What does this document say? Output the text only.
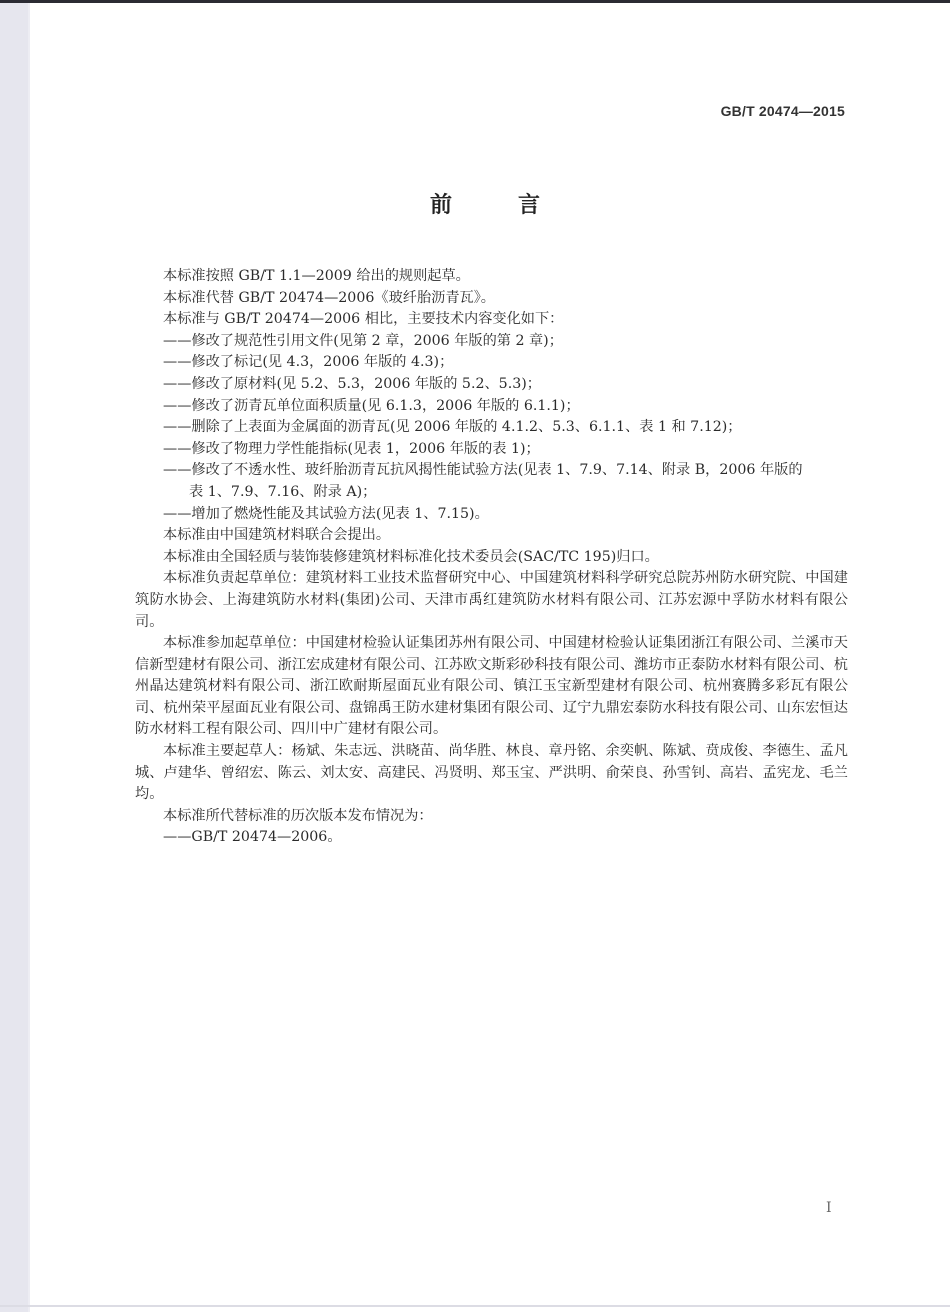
GB/T 20474—2015
前	言

本标准按照 GB/T 1.1—2009 给出的规则起草。

本标准代替 GB/T 20474—2006《玻纤胎沥青瓦》。

本标准与 GB/T 20474—2006 相比，主要技术内容变化如下：

——修改了规范性引用文件(见第 2 章，2006 年版的第 2 章)；

——修改了标记(见 4.3，2006 年版的 4.3)；

——修改了原材料(见 5.2、5.3，2006 年版的 5.2、5.3)；

——修改了沥青瓦单位面积质量(见 6.1.3，2006 年版的 6.1.1)；

——删除了上表面为金属面的沥青瓦(见 2006 年版的 4.1.2、5.3、6.1.1、表 1 和 7.12)；

——修改了物理力学性能指标(见表 1，2006 年版的表 1)；

——修改了不透水性、玻纤胎沥青瓦抗风揭性能试验方法(见表 1、7.9、7.14、附录 B，2006 年版的

表 1、7.9、7.16、附录 A)；

——增加了燃烧性能及其试验方法(见表 1、7.15)。

本标准由中国建筑材料联合会提出。

本标准由全国轻质与装饰装修建筑材料标准化技术委员会(SAC/TC 195)归口。

本标准负责起草单位：建筑材料工业技术监督研究中心、中国建筑材料科学研究总院苏州防水研究院、中国建筑防水协会、上海建筑防水材料(集团)公司、天津市禹红建筑防水材料有限公司、江苏宏源中孚防水材料有限公司。

本标准参加起草单位：中国建材检验认证集团苏州有限公司、中国建材检验认证集团浙江有限公司、兰溪市天信新型建材有限公司、浙江宏成建材有限公司、江苏欧文斯彩砂科技有限公司、潍坊市正泰防水材料有限公司、杭州晶达建筑材料有限公司、浙江欧耐斯屋面瓦业有限公司、镇江玉宝新型建材有限公司、杭州赛腾多彩瓦有限公司、杭州荣平屋面瓦业有限公司、盘锦禹王防水建材集团有限公司、辽宁九鼎宏泰防水科技有限公司、山东宏恒达防水材料工程有限公司、四川中广建材有限公司。

本标准主要起草人：杨斌、朱志远、洪晓苗、尚华胜、林良、章丹铭、余奕帆、陈斌、贲成俊、李德生、孟凡城、卢建华、曾绍宏、陈云、刘太安、高建民、冯贤明、郑玉宝、严洪明、俞荣良、孙雪钊、高岩、孟宪龙、毛兰均。

本标准所代替标准的历次版本发布情况为：

——GB/T 20474—2006。

I
